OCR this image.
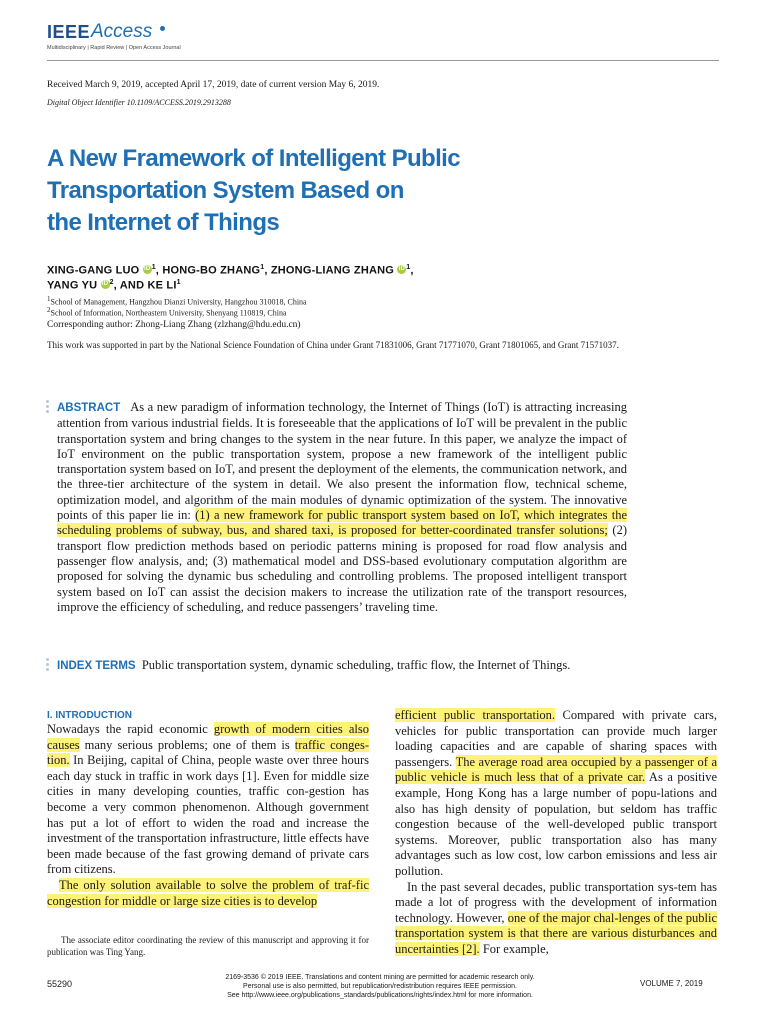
IEEE Access
Multidisciplinary | Rapid Review | Open Access Journal
Received March 9, 2019, accepted April 17, 2019, date of current version May 6, 2019.
Digital Object Identifier 10.1109/ACCESS.2019.2913288
A New Framework of Intelligent Public
Transportation System Based on
the Internet of Things
XING-GANG LUO $iD^1$, HONG-BO ZHANG$^1$, ZHONG-LIANG ZHANG $iD^1$,
YANG YU $iD^2$, AND KE $LI^1$
$^1$School of Management, Hangzhou Dianzi University, Hangzhou 310018, China
$^2$School of Information, Northeastern University, Shenyang 110819, China
Corresponding author: Zhong-Liang Zhang (zlzhang@hdu.edu.cn)
This work was supported in part by the National Science Foundation of China under Grant 71831006, Grant 71771070, Grant 71801065, and Grant 71571037.
ABSTRACT As a new paradigm of information technology, the Internet of Things (IoT) is attracting increasing attention from various industrial fields. It is foreseeable that the applications of IoT will be prevalent in the public transportation system and bring changes to the system in the near future. In this paper, we analyze the impact of IoT environment on the public transportation system, propose a new framework of the intelligent public transportation system based on IoT, and present the deployment of the elements, the communication network, and the three-tier architecture of the system in detail. We also present the information flow, technical scheme, optimization model, and algorithm of the main modules of dynamic optimization of the system. The innovative points of this paper lie in: (1) a new framework for public transport system based on IoT, which integrates the scheduling problems of subway, bus, and shared taxi, is proposed for better-coordinated transfer solutions; (2) transport flow prediction methods based on periodic patterns mining is proposed for road flow analysis and passenger flow analysis, and; (3) mathematical model and DSS-based evolutionary computation algorithm are proposed for solving the dynamic bus scheduling and controlling problems. The proposed intelligent transport system based on IoT can assist the decision makers to increase the utilization rate of the transport resources, improve the efficiency of scheduling, and reduce passengers’ traveling time.
INDEX TERMS Public transportation system, dynamic scheduling, traffic flow, the Internet of Things.
I. INTRODUCTION
Nowadays the rapid economic growth of modern cities also causes many serious problems; one of them is traffic conges-tion. In Beijing, capital of China, people waste over three hours each day stuck in traffic in work days [1]. Even for middle size cities in many developing counties, traffic con-gestion has become a very common phenomenon. Although government has put a lot of effort to widen the road and increase the investment of the transportation infrastructure, little effects have been made because of the fast growing demand of private cars from citizens.
The only solution available to solve the problem of traf-fic congestion for middle or large size cities is to develop
The associate editor coordinating the review of this manuscript and approving it for publication was Ting Yang.
efficient public transportation. Compared with private cars, vehicles for public transportation can provide much larger loading capacities and are capable of sharing spaces with passengers. The average road area occupied by a passenger of a public vehicle is much less that of a private car. As a positive example, Hong Kong has a large number of popu-lations and also has high density of population, but seldom has traffic congestion because of the well-developed public transport systems. Moreover, public transportation also has many advantages such as low cost, low carbon emissions and less air pollution.
In the past several decades, public transportation sys-tem has made a lot of progress with the development of information technology. However, one of the major chal-lenges of the public transportation system is that there are various disturbances and uncertainties [2]. For example,
55290
2169-3536 © 2019 IEEE. Translations and content mining are permitted for academic research only.
Personal use is also permitted, but republication/redistribution requires IEEE permission.
See http://www.ieee.org/publications_standards/publications/rights/index.html for more information.
VOLUME 7, 2019
